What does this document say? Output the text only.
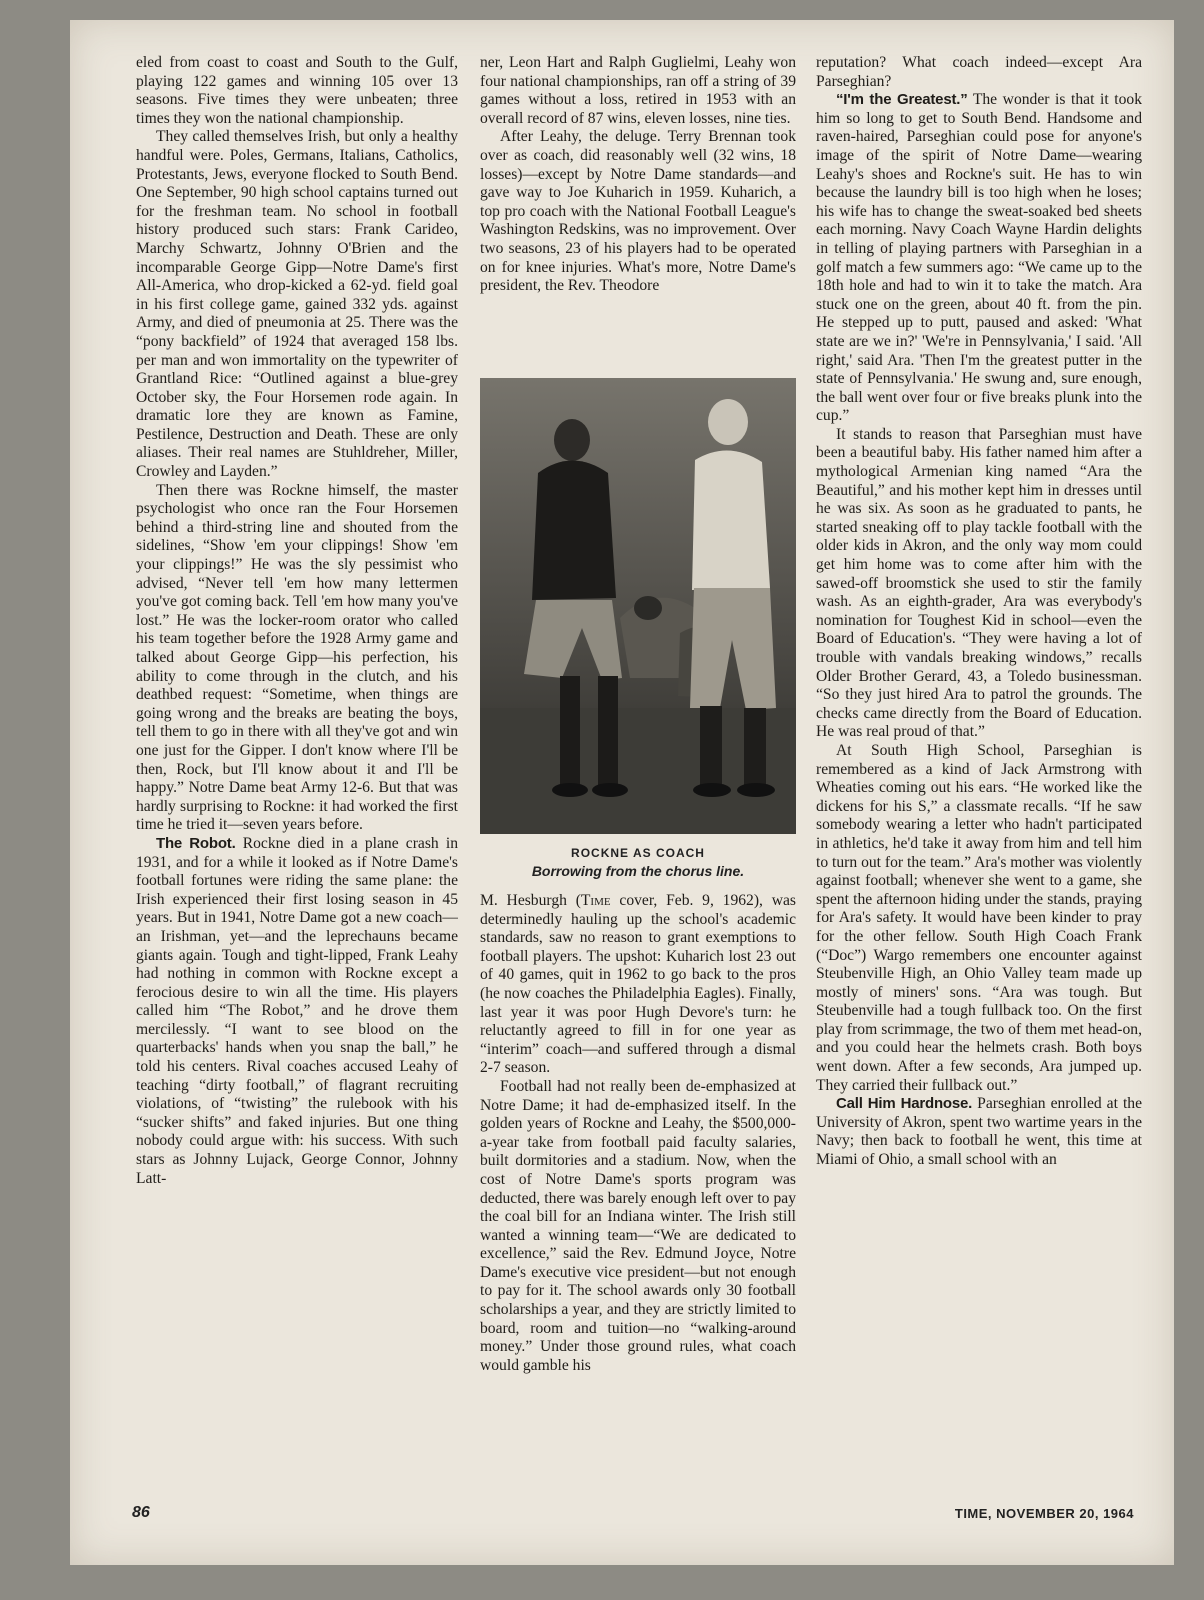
eled from coast to coast and South to the Gulf, playing 122 games and winning 105 over 13 seasons. Five times they were unbeaten; three times they won the national championship.

They called themselves Irish, but only a healthy handful were. Poles, Germans, Italians, Catholics, Protestants, Jews, everyone flocked to South Bend. One September, 90 high school captains turned out for the freshman team. No school in football history produced such stars: Frank Carideo, Marchy Schwartz, Johnny O'Brien and the incomparable George Gipp—Notre Dame's first All-America, who drop-kicked a 62-yd. field goal in his first college game, gained 332 yds. against Army, and died of pneumonia at 25. There was the “pony backfield” of 1924 that averaged 158 lbs. per man and won immortality on the typewriter of Grantland Rice: “Outlined against a blue-grey October sky, the Four Horsemen rode again. In dramatic lore they are known as Famine, Pestilence, Destruction and Death. These are only aliases. Their real names are Stuhldreher, Miller, Crowley and Layden.”

Then there was Rockne himself, the master psychologist who once ran the Four Horsemen behind a third-string line and shouted from the sidelines, “Show 'em your clippings! Show 'em your clippings!” He was the sly pessimist who advised, “Never tell 'em how many lettermen you've got coming back. Tell 'em how many you've lost.” He was the locker-room orator who called his team together before the 1928 Army game and talked about George Gipp—his perfection, his ability to come through in the clutch, and his deathbed request: “Sometime, when things are going wrong and the breaks are beating the boys, tell them to go in there with all they've got and win one just for the Gipper. I don't know where I'll be then, Rock, but I'll know about it and I'll be happy.” Notre Dame beat Army 12-6. But that was hardly surprising to Rockne: it had worked the first time he tried it—seven years before.

The Robot. Rockne died in a plane crash in 1931, and for a while it looked as if Notre Dame's football fortunes were riding the same plane: the Irish experienced their first losing season in 45 years. But in 1941, Notre Dame got a new coach—an Irishman, yet—and the leprechauns became giants again. Tough and tight-lipped, Frank Leahy had nothing in common with Rockne except a ferocious desire to win all the time. His players called him “The Robot,” and he drove them mercilessly. “I want to see blood on the quarterbacks' hands when you snap the ball,” he told his centers. Rival coaches accused Leahy of teaching “dirty football,” of flagrant recruiting violations, of “twisting” the rulebook with his “sucker shifts” and faked injuries. But one thing nobody could argue with: his success. With such stars as Johnny Lujack, George Connor, Johnny Latt-

ner, Leon Hart and Ralph Guglielmi, Leahy won four national championships, ran off a string of 39 games without a loss, retired in 1953 with an overall record of 87 wins, eleven losses, nine ties.

After Leahy, the deluge. Terry Brennan took over as coach, did reasonably well (32 wins, 18 losses)—except by Notre Dame standards—and gave way to Joe Kuharich in 1959. Kuharich, a top pro coach with the National Football League's Washington Redskins, was no improvement. Over two seasons, 23 of his players had to be operated on for knee injuries. What's more, Notre Dame's president, the Rev. Theodore

ROCKNE AS COACH
Borrowing from the chorus line.

M. Hesburgh (Time cover, Feb. 9, 1962), was determinedly hauling up the school's academic standards, saw no reason to grant exemptions to football players. The upshot: Kuharich lost 23 out of 40 games, quit in 1962 to go back to the pros (he now coaches the Philadelphia Eagles). Finally, last year it was poor Hugh Devore's turn: he reluctantly agreed to fill in for one year as “interim” coach—and suffered through a dismal 2-7 season.

Football had not really been de-emphasized at Notre Dame; it had de-emphasized itself. In the golden years of Rockne and Leahy, the $500,000-a-year take from football paid faculty salaries, built dormitories and a stadium. Now, when the cost of Notre Dame's sports program was deducted, there was barely enough left over to pay the coal bill for an Indiana winter. The Irish still wanted a winning team—“We are dedicated to excellence,” said the Rev. Edmund Joyce, Notre Dame's executive vice president—but not enough to pay for it. The school awards only 30 football scholarships a year, and they are strictly limited to board, room and tuition—no “walking-around money.” Under those ground rules, what coach would gamble his

reputation? What coach indeed—except Ara Parseghian?

“I'm the Greatest.” The wonder is that it took him so long to get to South Bend. Handsome and raven-haired, Parseghian could pose for anyone's image of the spirit of Notre Dame—wearing Leahy's shoes and Rockne's suit. He has to win because the laundry bill is too high when he loses; his wife has to change the sweat-soaked bed sheets each morning. Navy Coach Wayne Hardin delights in telling of playing partners with Parseghian in a golf match a few summers ago: “We came up to the 18th hole and had to win it to take the match. Ara stuck one on the green, about 40 ft. from the pin. He stepped up to putt, paused and asked: 'What state are we in?' 'We're in Pennsylvania,' I said. 'All right,' said Ara. 'Then I'm the greatest putter in the state of Pennsylvania.' He swung and, sure enough, the ball went over four or five breaks plunk into the cup.”

It stands to reason that Parseghian must have been a beautiful baby. His father named him after a mythological Armenian king named “Ara the Beautiful,” and his mother kept him in dresses until he was six. As soon as he graduated to pants, he started sneaking off to play tackle football with the older kids in Akron, and the only way mom could get him home was to come after him with the sawed-off broomstick she used to stir the family wash. As an eighth-grader, Ara was everybody's nomination for Toughest Kid in school—even the Board of Education's. “They were having a lot of trouble with vandals breaking windows,” recalls Older Brother Gerard, 43, a Toledo businessman. “So they just hired Ara to patrol the grounds. The checks came directly from the Board of Education. He was real proud of that.”

At South High School, Parseghian is remembered as a kind of Jack Armstrong with Wheaties coming out his ears. “He worked like the dickens for his S,” a classmate recalls. “If he saw somebody wearing a letter who hadn't participated in athletics, he'd take it away from him and tell him to turn out for the team.” Ara's mother was violently against football; whenever she went to a game, she spent the afternoon hiding under the stands, praying for Ara's safety. It would have been kinder to pray for the other fellow. South High Coach Frank (“Doc”) Wargo remembers one encounter against Steubenville High, an Ohio Valley team made up mostly of miners' sons. “Ara was tough. But Steubenville had a tough fullback too. On the first play from scrimmage, the two of them met head-on, and you could hear the helmets crash. Both boys went down. After a few seconds, Ara jumped up. They carried their fullback out.”

Call Him Hardnose. Parseghian enrolled at the University of Akron, spent two wartime years in the Navy; then back to football he went, this time at Miami of Ohio, a small school with an

86	TIME, NOVEMBER 20, 1964
